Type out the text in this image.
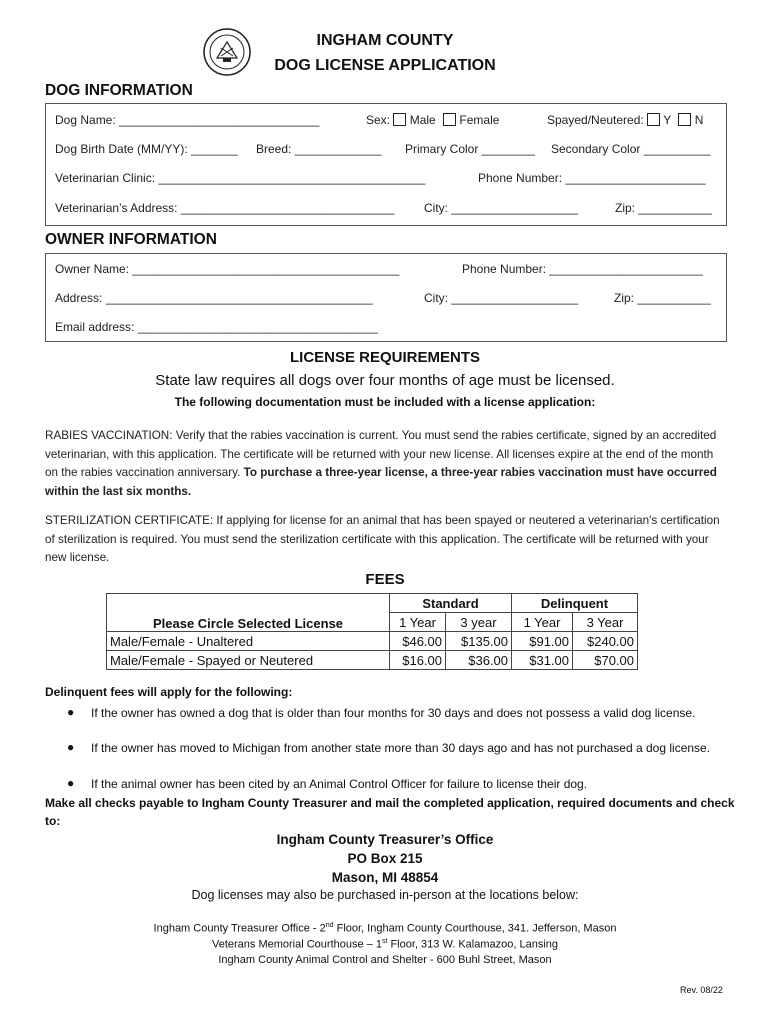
INGHAM COUNTY
DOG LICENSE APPLICATION
DOG INFORMATION
Dog Name: ______________________________	Sex: Male Female	Spayed/Neutered: Y N
Dog Birth Date (MM/YY): _______ Breed: _____________ Primary Color ________ Secondary Color __________
Veterinarian Clinic: ________________________________________	Phone Number: _____________________
Veterinarian’s Address: ________________________________ City: ___________________	Zip: ___________
OWNER INFORMATION
Owner Name: ________________________________________	Phone Number: _______________________
Address: ________________________________________	City: ___________________	Zip: ___________
Email address: ____________________________________
LICENSE REQUIREMENTS
State law requires all dogs over four months of age must be licensed.
The following documentation must be included with a license application:
RABIES VACCINATION: Verify that the rabies vaccination is current. You must send the rabies certificate, signed by an accredited veterinarian, with this application. The certificate will be returned with your new license. All licenses expire at the end of the month on the rabies vaccination anniversary. To purchase a three-year license, a three-year rabies vaccination must have occurred within the last six months.
STERILIZATION CERTIFICATE: If applying for license for an animal that has been spayed or neutered a veterinarian's certification of sterilization is required. You must send the sterilization certificate with this application. The certificate will be returned with your new license.
FEES
Please Circle Selected License	Standard		Delinquent	
	1 Year	3 year	1 Year	3 Year
Male/Female - Unaltered	$46.00	$135.00	$91.00	$240.00
Male/Female - Spayed or Neutered	$16.00	$36.00	$31.00	$70.00
Delinquent fees will apply for the following:
● If the owner has owned a dog that is older than four months for 30 days and does not possess a valid dog license.
● If the owner has moved to Michigan from another state more than 30 days ago and has not purchased a dog license.
● If the animal owner has been cited by an Animal Control Officer for failure to license their dog.
Make all checks payable to Ingham County Treasurer and mail the completed application, required documents and check to:
Ingham County Treasurer’s Office
PO Box 215
Mason, MI 48854
Dog licenses may also be purchased in-person at the locations below:
Ingham County Treasurer Office - 2nd Floor, Ingham County Courthouse, 341. Jefferson, Mason
Veterans Memorial Courthouse – 1st Floor, 313 W. Kalamazoo, Lansing
Ingham County Animal Control and Shelter - 600 Buhl Street, Mason
Rev. 08/22
